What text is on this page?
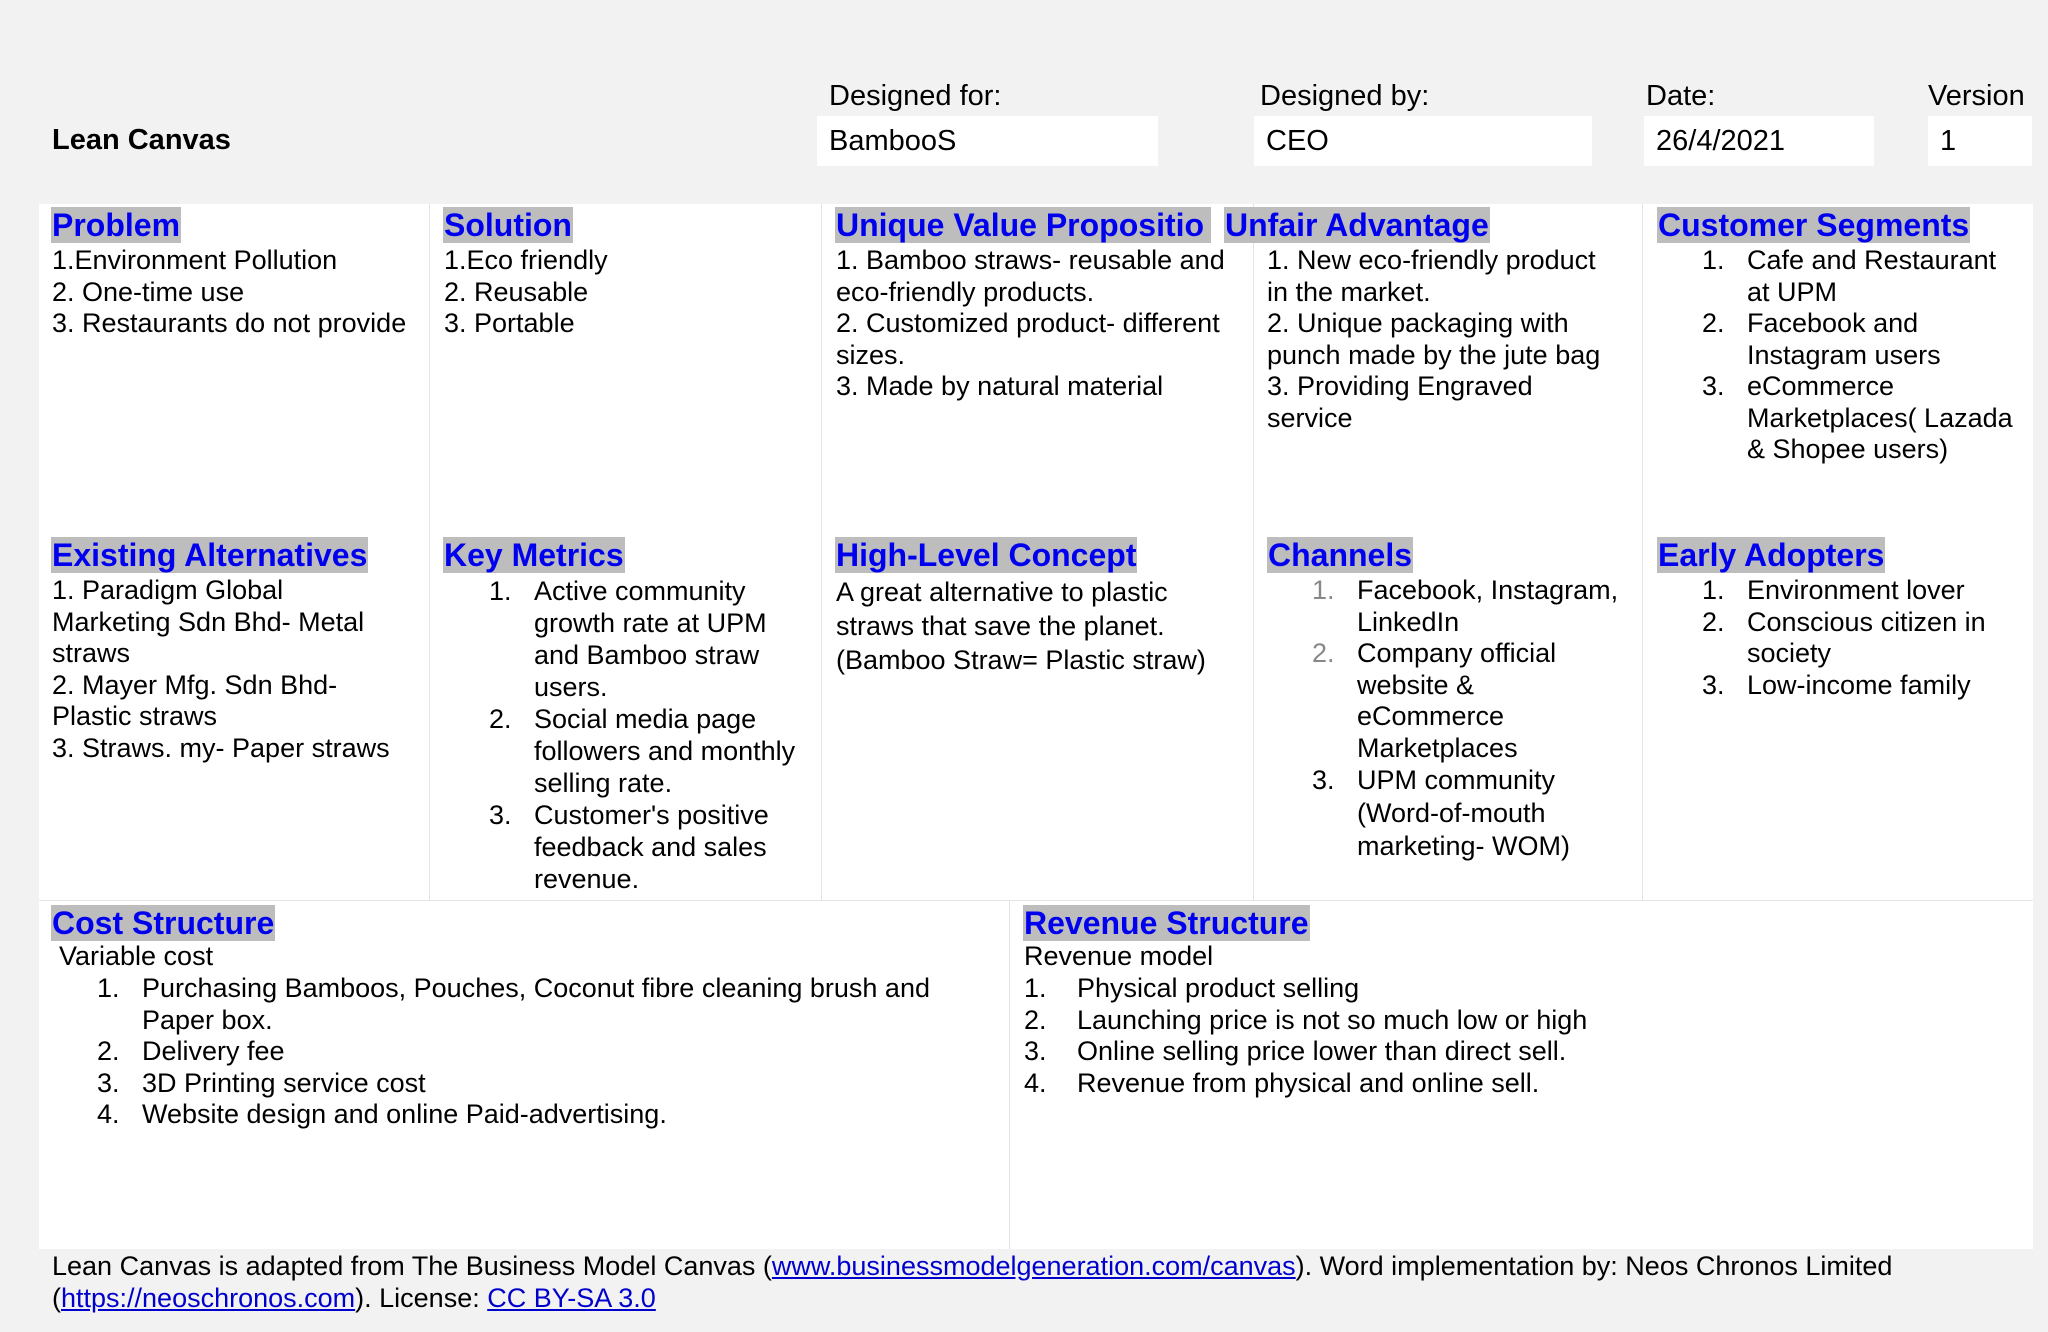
Lean Canvas
Designed for:
BambooS
Designed by:
CEO
Date:
26/4/2021
Version
1
Problem
1.Environment Pollution
2. One-time use
3. Restaurants do not provide
Solution
1.Eco friendly
2. Reusable
3. Portable
Unique Value Propositio
1. Bamboo straws- reusable and
eco-friendly products.
2. Customized product- different
sizes.
3. Made by natural material
Unfair Advantage
1. New eco-friendly product
in the market.
2. Unique packaging with
punch made by the jute bag
3. Providing Engraved
service
Customer Segments
1. Cafe and Restaurant
at UPM
2. Facebook and
Instagram users
3. eCommerce
Marketplaces( Lazada
& Shopee users)
Existing Alternatives
1. Paradigm Global
Marketing Sdn Bhd- Metal
straws
2. Mayer Mfg. Sdn Bhd-
Plastic straws
3. Straws. my- Paper straws
Key Metrics
1. Active community
growth rate at UPM
and Bamboo straw
users.
2. Social media page
followers and monthly
selling rate.
3. Customer's positive
feedback and sales
revenue.
High-Level Concept
A great alternative to plastic
straws that save the planet.
(Bamboo Straw= Plastic straw)
Channels
1. Facebook, Instagram,
LinkedIn
2. Company official
website &
eCommerce
Marketplaces
3. UPM community
(Word-of-mouth
marketing- WOM)
Early Adopters
1. Environment lover
2. Conscious citizen in
society
3. Low-income family
Cost Structure
Variable cost
1. Purchasing Bamboos, Pouches, Coconut fibre cleaning brush and
Paper box.
2. Delivery fee
3. 3D Printing service cost
4. Website design and online Paid-advertising.
Revenue Structure
Revenue model
1. Physical product selling
2. Launching price is not so much low or high
3. Online selling price lower than direct sell.
4. Revenue from physical and online sell.
Lean Canvas is adapted from The Business Model Canvas (www.businessmodelgeneration.com/canvas). Word implementation by: Neos Chronos Limited
(https://neoschronos.com). License: CC BY-SA 3.0
